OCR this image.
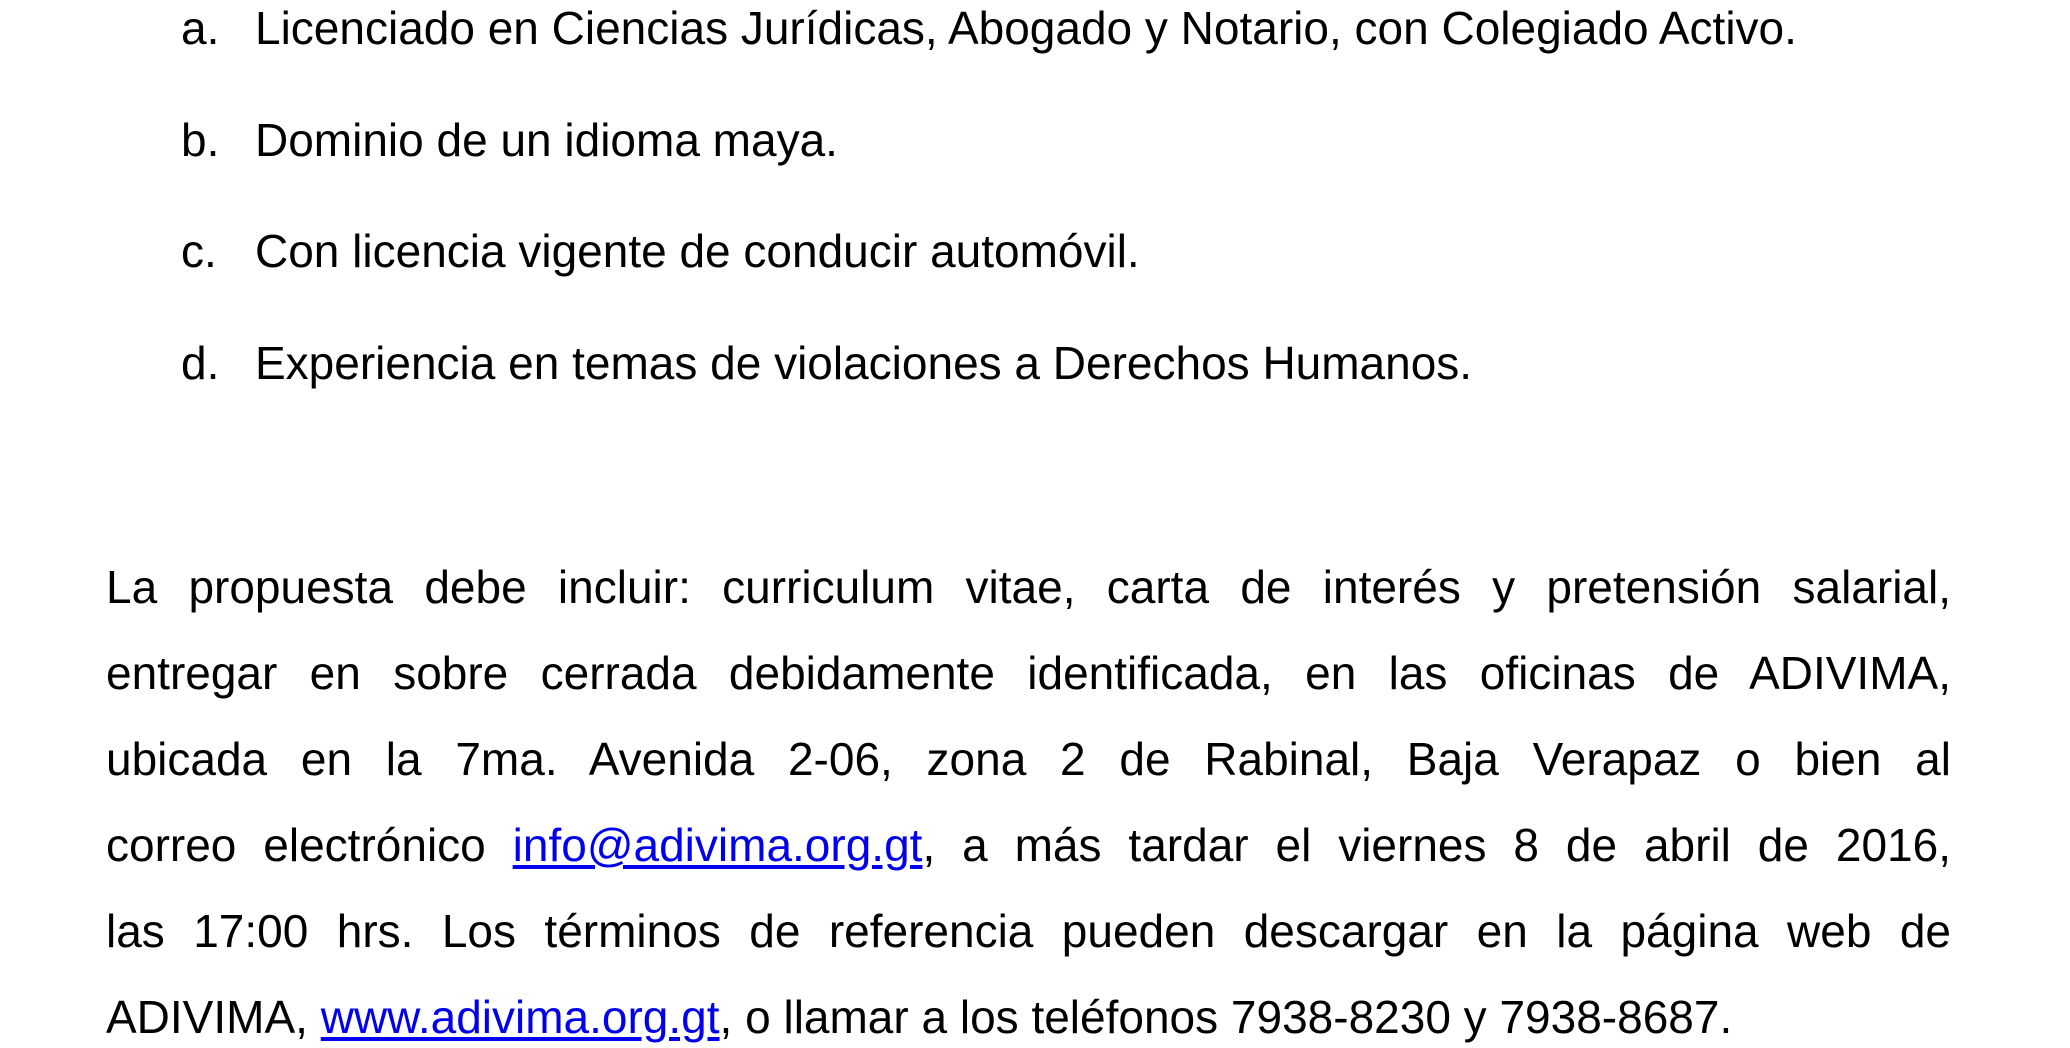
a. Licenciado en Ciencias Jurídicas, Abogado y Notario, con Colegiado Activo.
b. Dominio de un idioma maya.
c. Con licencia vigente de conducir automóvil.
d. Experiencia en temas de violaciones a Derechos Humanos.
La propuesta debe incluir: curriculum vitae, carta de interés y pretensión salarial,
entregar en sobre cerrada debidamente identificada, en las oficinas de ADIVIMA,
ubicada en la 7ma. Avenida 2-06, zona 2 de Rabinal, Baja Verapaz o bien al
correo electrónico info@adivima.org.gt, a más tardar el viernes 8 de abril de 2016,
las 17:00 hrs. Los términos de referencia pueden descargar en la página web de
ADIVIMA, www.adivima.org.gt, o llamar a los teléfonos 7938-8230 y 7938-8687.
